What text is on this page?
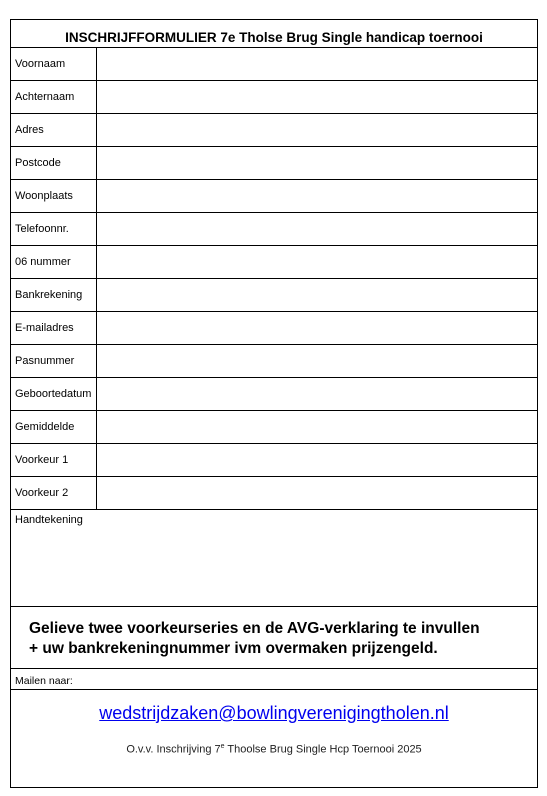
INSCHRIJFFORMULIER 7e Tholse Brug Single handicap toernooi
Voornaam
Achternaam
Adres
Postcode
Woonplaats
Telefoonnr.
06 nummer
Bankrekening
E-mailadres
Pasnummer
Geboortedatum
Gemiddelde
Voorkeur 1
Voorkeur 2
Handtekening
Gelieve twee voorkeurseries en de AVG-verklaring te invullen
+ uw bankrekeningnummer ivm overmaken prijzengeld.
Mailen naar:
wedstrijdzaken@bowlingverenigingtholen.nl
O.v.v. Inschrijving 7e Thoolse Brug Single Hcp Toernooi 2025
